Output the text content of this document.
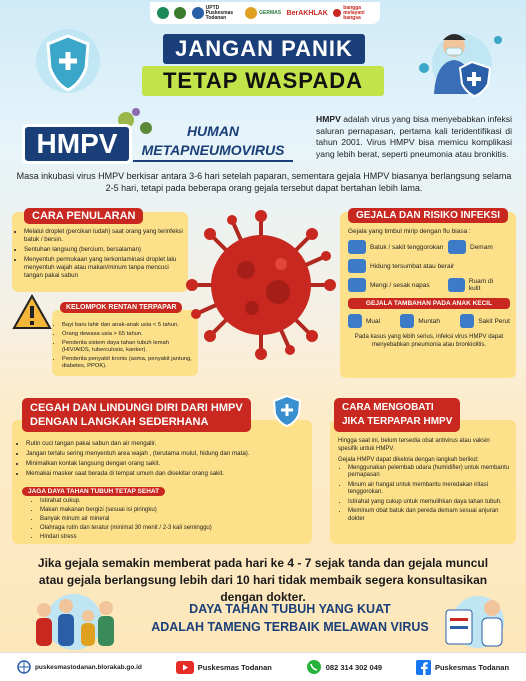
UPTD Puskesmas Todanan
GERMAS BerAKHLAK
bangga melayani bangsa
JANGAN PANIK
TETAP WASPADA
HMPV	HUMAN
METAPNEUMOVIRUS
HMPV adalah virus yang bisa menyebabkan infeksi saluran pernapasan, pertama kali teridentifikasi di tahun 2001. Virus HMPV bisa memicu komplikasi yang lebih berat, seperti pneumonia atau bronkitis.
Masa inkubasi virus HMPV berkisar antara 3-6 hari setelah paparan, sementara gejala HMPV biasanya berlangsung selama 2-5 hari, tetapi pada beberapa orang gejala tersebut dapat bertahan lebih lama.
• Melalui droplet (percikan ludah) saat orang yang terinfeksi batuk / bersin.
• Sentuhan langsung (bercium, bersalaman)
• Menyentuh permukaan yang terkontaminasi droplet lalu menyentuh wajah atau makan/minum tanpa mencuci tangan pakai sabun
CARA PENULARAN
• Bayi baru lahir dan anak-anak usia < 5 tahun.
• Orang dewasa usia > 65 tahun.
• Penderita sistem daya tahan tubuh lemah (HIV/AIDS, tuberculosis, kanker).
• Penderita penyakit kronis (asma, penyakit jantung, diabetes, PPOK).
KELOMPOK RENTAN TERPAPAR
Gejala yang timbul mirip dengan flu biasa :
Batuk / sakit tenggorokan	Demam
Hidung tersumbat atau berair
Mengi / sesak napas	Ruam di kulit
GEJALA TAMBAHAN PADA ANAK KECIL
Mual	Muntah	Sakit Perut
Pada kasus yang lebih serius, infeksi virus HMPV dapat menyebabkan pneumonia atau bronkiolitis.
GEJALA DAN RISIKO INFEKSI
• Rutin cuci tangan pakai sabun dan air mengalir.
• Jangan terlalu sering menyentuh area wajah , (terutama mulut, hidung dan mata).
• Minimalkan kontak langsung dengan orang sakit.
• Memakai masker saat berada di tempat umum dan disekitar orang sakit.
JAGA DAYA TAHAN TUBUH TETAP SEHAT
• Istirahat cukup.
• Makan makanan bergizi (sesuai isi piringku)
• Banyak minum air mineral
• Olahraga rutin dan teratur (minimal 30 menit / 2-3 kali seminggu)
• Hindari stress
CEGAH DAN LINDUNGI DIRI DARI HMPV
DENGAN LANGKAH SEDERHANA
Hingga saat ini, belum tersedia obat antivirus atau vaksin spesifik untuk HMPV.
Gejala HMPV dapat dikelola dengan langkah berikut:
• Menggunakan pelembab udara (humidifier) untuk membantu pernapasan
• Minum air hangat untuk membantu meredakan iritasi tenggorokan.
• Istirahat yang cukup untuk memulihkan daya tahan tubuh.
• Meminum obat batuk dan pereda demam sesuai anjuran dokter
CARA MENGOBATI
JIKA TERPAPAR HMPV
Jika gejala semakin memberat pada hari ke 4 - 7 sejak tanda dan gejala muncul atau gejala berlangsung lebih dari 10 hari tidak membaik segera konsultasikan dengan dokter.
DAYA TAHAN TUBUH YANG KUAT
ADALAH TAMENG TERBAIK MELAWAN VIRUS
puskesmastodanan.blorakab.go.id	Puskesmas Todanan	082 314 302 049	Puskesmas Todanan
